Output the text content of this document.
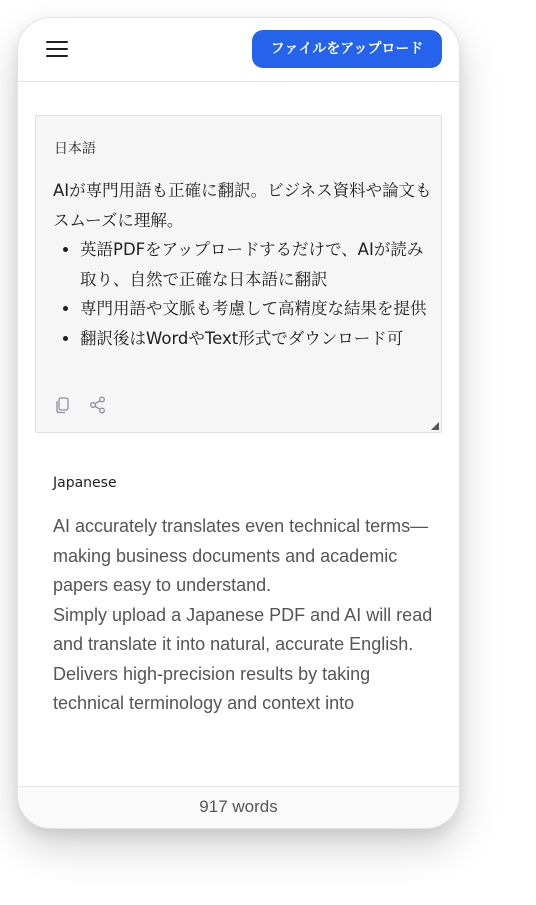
ファイルをアップロード
日本語

AIが専門用語も正確に翻訳。ビジネス資料や論文もスムーズに理解。

• 英語PDFをアップロードするだけで、AIが読み取り、自然で正確な日本語に翻訳
• 専門用語や文脈も考慮して高精度な結果を提供
• 翻訳後はWordやText形式でダウンロード可
Japanese

AI accurately translates even technical terms—making business documents and academic papers easy to understand.

Simply upload a Japanese PDF and AI will read and translate it into natural, accurate English.

Delivers high-precision results by taking technical terminology and context into

917 words
